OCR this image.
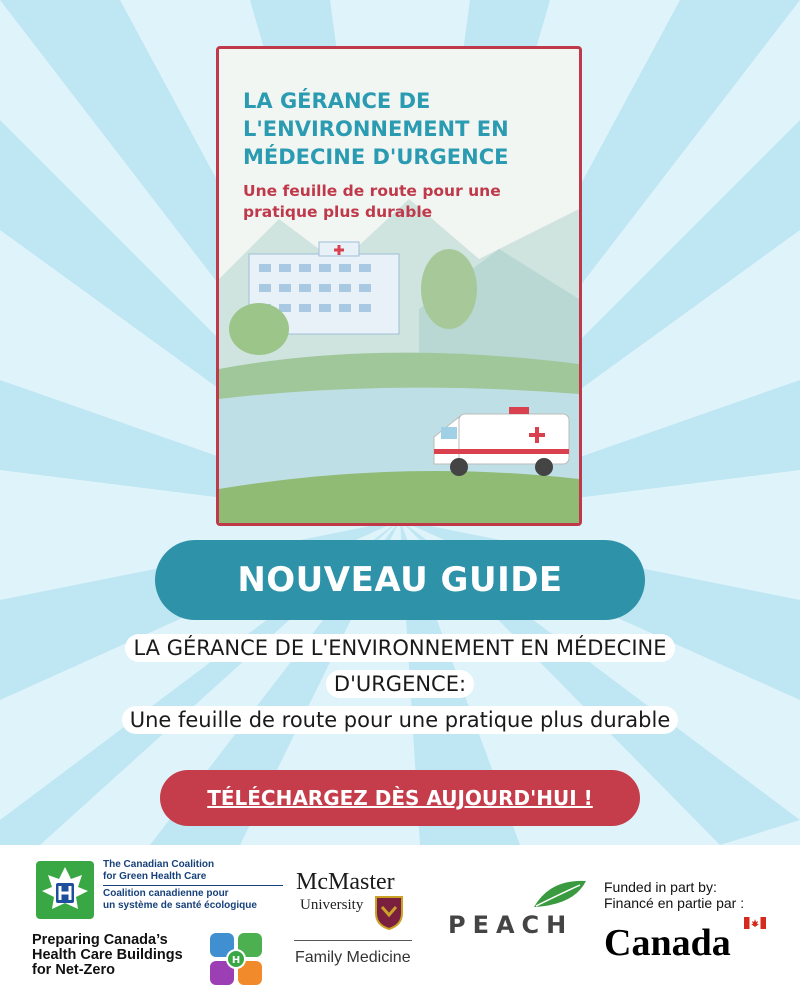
LA GÉRANCE DE L'ENVIRONNEMENT EN MÉDECINE D'URGENCE

Une feuille de route pour une pratique plus durable

NOUVEAU GUIDE
LA GÉRANCE DE L'ENVIRONNEMENT EN MÉDECINE
D'URGENCE:
Une feuille de route pour une pratique plus durable
TÉLÉCHARGEZ DÈS AUJOURD'HUI !
The Canadian Coalition
for Green Health Care
Coalition canadienne pour
un système de santé écologique
Preparing Canada’s
Health Care Buildings
for Net-Zero
H
McMaster
University
Family Medicine
PEACH
Funded in part by:
Financé en partie par :
Canada
